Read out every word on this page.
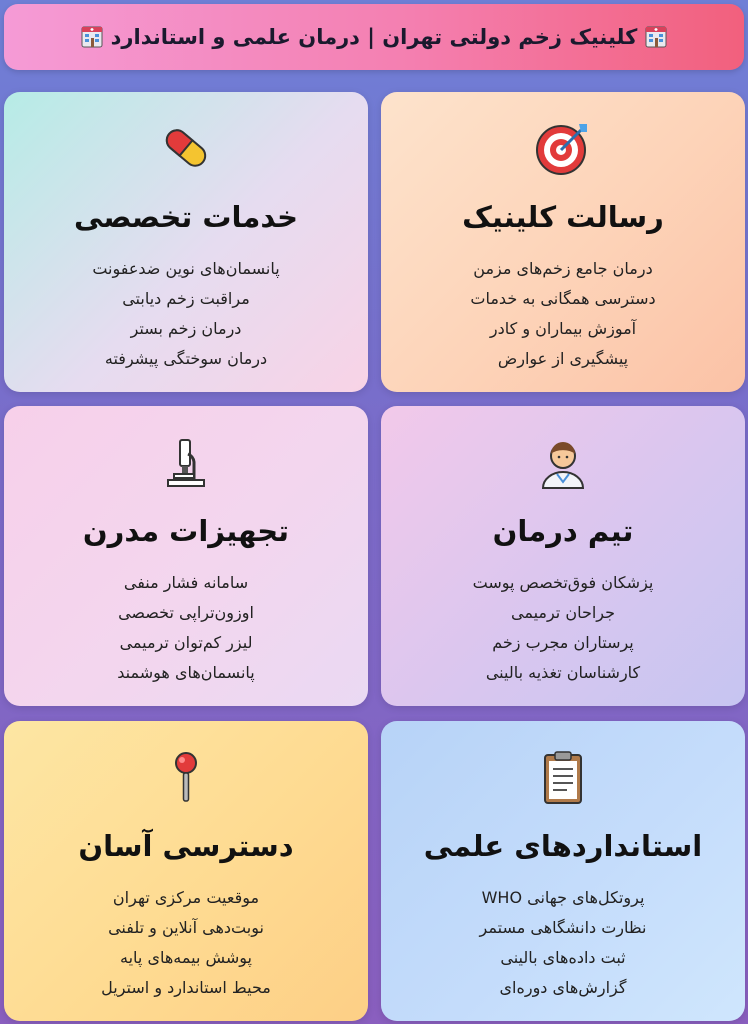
کلینیک زخم دولتی تهران | درمان علمی و استاندارد
رسالت کلینیک
درمان جامع زخم‌های مزمن
دسترسی همگانی به خدمات
آموزش بیماران و کادر
پیشگیری از عوارض
خدمات تخصصی
پانسمان‌های نوین ضدعفونت
مراقبت زخم دیابتی
درمان زخم بستر
درمان سوختگی پیشرفته
تیم درمان
پزشکان فوق‌تخصص پوست
جراحان ترمیمی
پرستاران مجرب زخم
کارشناسان تغذیه بالینی
تجهیزات مدرن
سامانه فشار منفی
اوزون‌تراپی تخصصی
لیزر کم‌توان ترمیمی
پانسمان‌های هوشمند
استانداردهای علمی
پروتکل‌های جهانی WHO
نظارت دانشگاهی مستمر
ثبت داده‌های بالینی
گزارش‌های دوره‌ای
دسترسی آسان
موقعیت مرکزی تهران
نوبت‌دهی آنلاین و تلفنی
پوشش بیمه‌های پایه
محیط استاندارد و استریل
